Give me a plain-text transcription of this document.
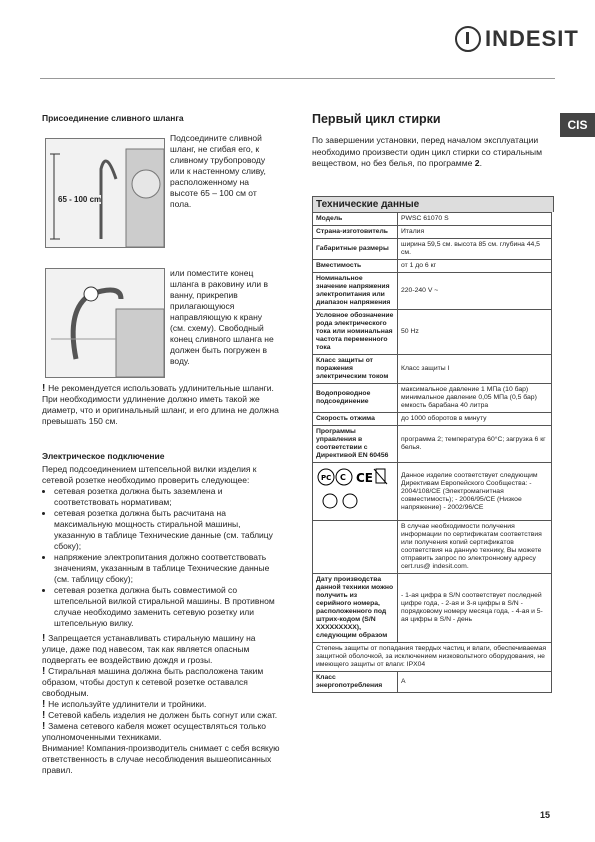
INDESIT
CIS
Присоединение сливного шланга
65 - 100 cm
Подсоедините сливной шланг, не сгибая его, к сливному трубопроводу или к настенному сливу, расположенному на высоте 65 – 100 см от пола.
или поместите конец шланга в раковину или в ванну, прикрепив прилагающуюся направляющую к крану (см. схему). Свободный конец сливного шланга не должен быть погружен в воду.
! Не рекомендуется использовать удлинительные шланги. При необходимости удлинение должно иметь такой же диаметр, что и оригинальный шланг, и его длина не должна превышать 150 см.
Электрическое подключение

Перед подсоединением штепсельной вилки изделия к сетевой розетке необходимо проверить следующее:

• сетевая розетка должна быть заземлена и соответствовать нормативам;
• сетевая розетка должна быть расчитана на максимальную мощность стиральной машины, указанную в таблице Технические данные (см. таблицу сбоку);
• напряжение электропитания должно соответствовать значениям, указанным в таблице Технические данные (см. таблицу сбоку);
• сетевая розетка должна быть совместимой со штепсельной вилкой стиральной машины. В противном случае необходимо заменить сетевую розетку или штепсельную вилку.

! Запрещается устанавливать стиральную машину на улице, даже под навесом, так как является опасным подвергать ее воздействию дождя и грозы.

! Стиральная машина должна быть расположена таким образом, чтобы доступ к сетевой розетке оставался свободным.

! Не используйте удлинители и тройники.

! Сетевой кабель изделия не должен быть согнут или сжат.

! Замена сетевого кабеля может осуществляться только уполномоченными техниками.

Внимание! Компания-производитель снимает с себя всякую ответственность в случае несоблюдения вышеописанных правил.

Первый цикл стирки
По завершении установки, перед началом эксплуатации необходимо произвести один цикл стирки со стиральным веществом, но без белья, по программе 2.
Технические данные
Модель	PWSC 61070 S
Страна-изготовитель	Италия
Габаритные размеры	ширина 59,5 см. высота 85 см. глубина 44,5 см.
Вместимость	от 1 до 6 кг
Номинальное значение напряжения электропитания или диапазон напряжения	220-240 V ~
Условное обозначение рода электрического тока или номинальная частота переменного тока	50 Hz
Класс защиты от поражения электрическим током	Класс защиты I
Водопроводное подсоединение	максимальное давление 1 МПа (10 бар) минимальное давление 0,05 МПа (0,5 бар) емкость барабана 40 литра
Скорость отжима	до 1000 оборотов в минуту
Программы управления в соответствии с Директивой EN 60456	программа 2; температура 60°С; загрузка 6 кг белья.

PC C CE	Данное изделие соответствует следующим Директивам Европейского Сообщества: - 2004/108/CE (Электромагнитная совместимость); - 2006/95/CE (Низкое напряжение) - 2002/96/CE
	В случае необходимости получения информации по сертификатам соответствия или получения копий сертификатов соответствия на данную технику, Вы можете отправить запрос по электронному адресу cert.rus@ indesit.com.
Дату производства данной техники можно получить из серийного номера, расположенного под штрих-кодом (S/N XXXXXXXXX), следующим образом	- 1-ая цифра в S/N соответствует последней цифре года, - 2-ая и 3-я цифры в S/N - порядковому номеру месяца года, - 4-ая и 5-ая цифры в S/N - день
Степень защиты от попадания твердых частиц и влаги, обеспечиваемая защитной оболочкой, за исключением низковольтного оборудования, не имеющего защиты от влаги: IPX04	
Класс энергопотребления	A
15
